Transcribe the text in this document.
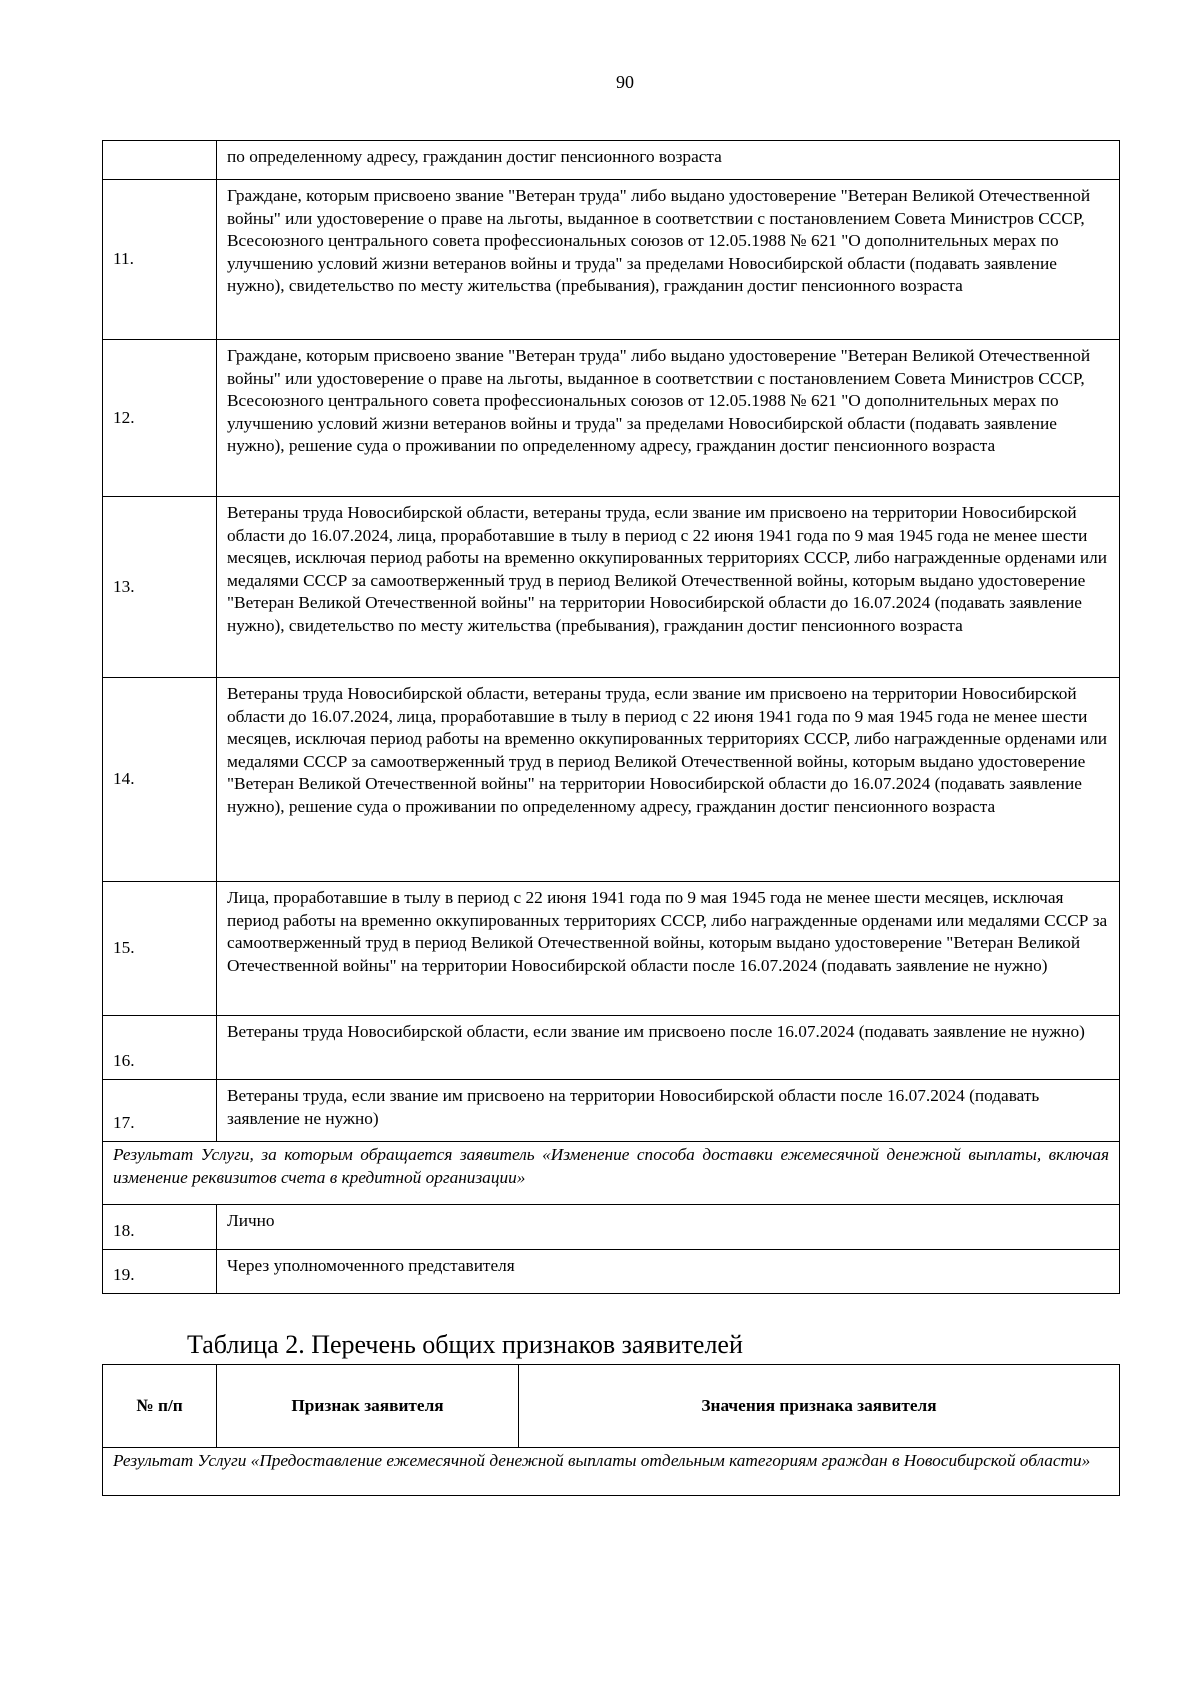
90
	по определенному адресу, гражданин достиг пенсионного возраста
11.	Граждане, которым присвоено звание "Ветеран труда" либо выдано удостоверение "Ветеран Великой Отечественной войны" или удостоверение о праве на льготы, выданное в соответствии с постановлением Совета Министров СССР, Всесоюзного центрального совета профессиональных союзов от 12.05.1988 № 621 "О дополнительных мерах по улучшению условий жизни ветеранов войны и труда" за пределами Новосибирской области (подавать заявление нужно), свидетельство по месту жительства (пребывания), гражданин достиг пенсионного возраста
12.	Граждане, которым присвоено звание "Ветеран труда" либо выдано удостоверение "Ветеран Великой Отечественной войны" или удостоверение о праве на льготы, выданное в соответствии с постановлением Совета Министров СССР, Всесоюзного центрального совета профессиональных союзов от 12.05.1988 № 621 "О дополнительных мерах по улучшению условий жизни ветеранов войны и труда" за пределами Новосибирской области (подавать заявление нужно), решение суда о проживании по определенному адресу, гражданин достиг пенсионного возраста
13.	Ветераны труда Новосибирской области, ветераны труда, если звание им присвоено на территории Новосибирской области до 16.07.2024, лица, проработавшие в тылу в период с 22 июня 1941 года по 9 мая 1945 года не менее шести месяцев, исключая период работы на временно оккупированных территориях СССР, либо награжденные орденами или медалями СССР за самоотверженный труд в период Великой Отечественной войны, которым выдано удостоверение "Ветеран Великой Отечественной войны" на территории Новосибирской области до 16.07.2024 (подавать заявление нужно), свидетельство по месту жительства (пребывания), гражданин достиг пенсионного возраста
14.	Ветераны труда Новосибирской области, ветераны труда, если звание им присвоено на территории Новосибирской области до 16.07.2024, лица, проработавшие в тылу в период с 22 июня 1941 года по 9 мая 1945 года не менее шести месяцев, исключая период работы на временно оккупированных территориях СССР, либо награжденные орденами или медалями СССР за самоотверженный труд в период Великой Отечественной войны, которым выдано удостоверение "Ветеран Великой Отечественной войны" на территории Новосибирской области до 16.07.2024 (подавать заявление нужно), решение суда о проживании по определенному адресу, гражданин достиг пенсионного возраста
15.	Лица, проработавшие в тылу в период с 22 июня 1941 года по 9 мая 1945 года не менее шести месяцев, исключая период работы на временно оккупированных территориях СССР, либо награжденные орденами или медалями СССР за самоотверженный труд в период Великой Отечественной войны, которым выдано удостоверение "Ветеран Великой Отечественной войны" на территории Новосибирской области после 16.07.2024 (подавать заявление не нужно)
16.	Ветераны труда Новосибирской области, если звание им присвоено после 16.07.2024 (подавать заявление не нужно)
17.	Ветераны труда, если звание им присвоено на территории Новосибирской области после 16.07.2024 (подавать заявление не нужно)
Результат Услуги, за которым обращается заявитель «Изменение способа доставки ежемесячной денежной выплаты, включая изменение реквизитов счета в кредитной организации»	
18.	Лично
19.	Через уполномоченного представителя
Таблица 2. Перечень общих признаков заявителей
№ п/п	Признак заявителя	Значения признака заявителя
Результат Услуги «Предоставление ежемесячной денежной выплаты отдельным категориям граждан в Новосибирской области»
